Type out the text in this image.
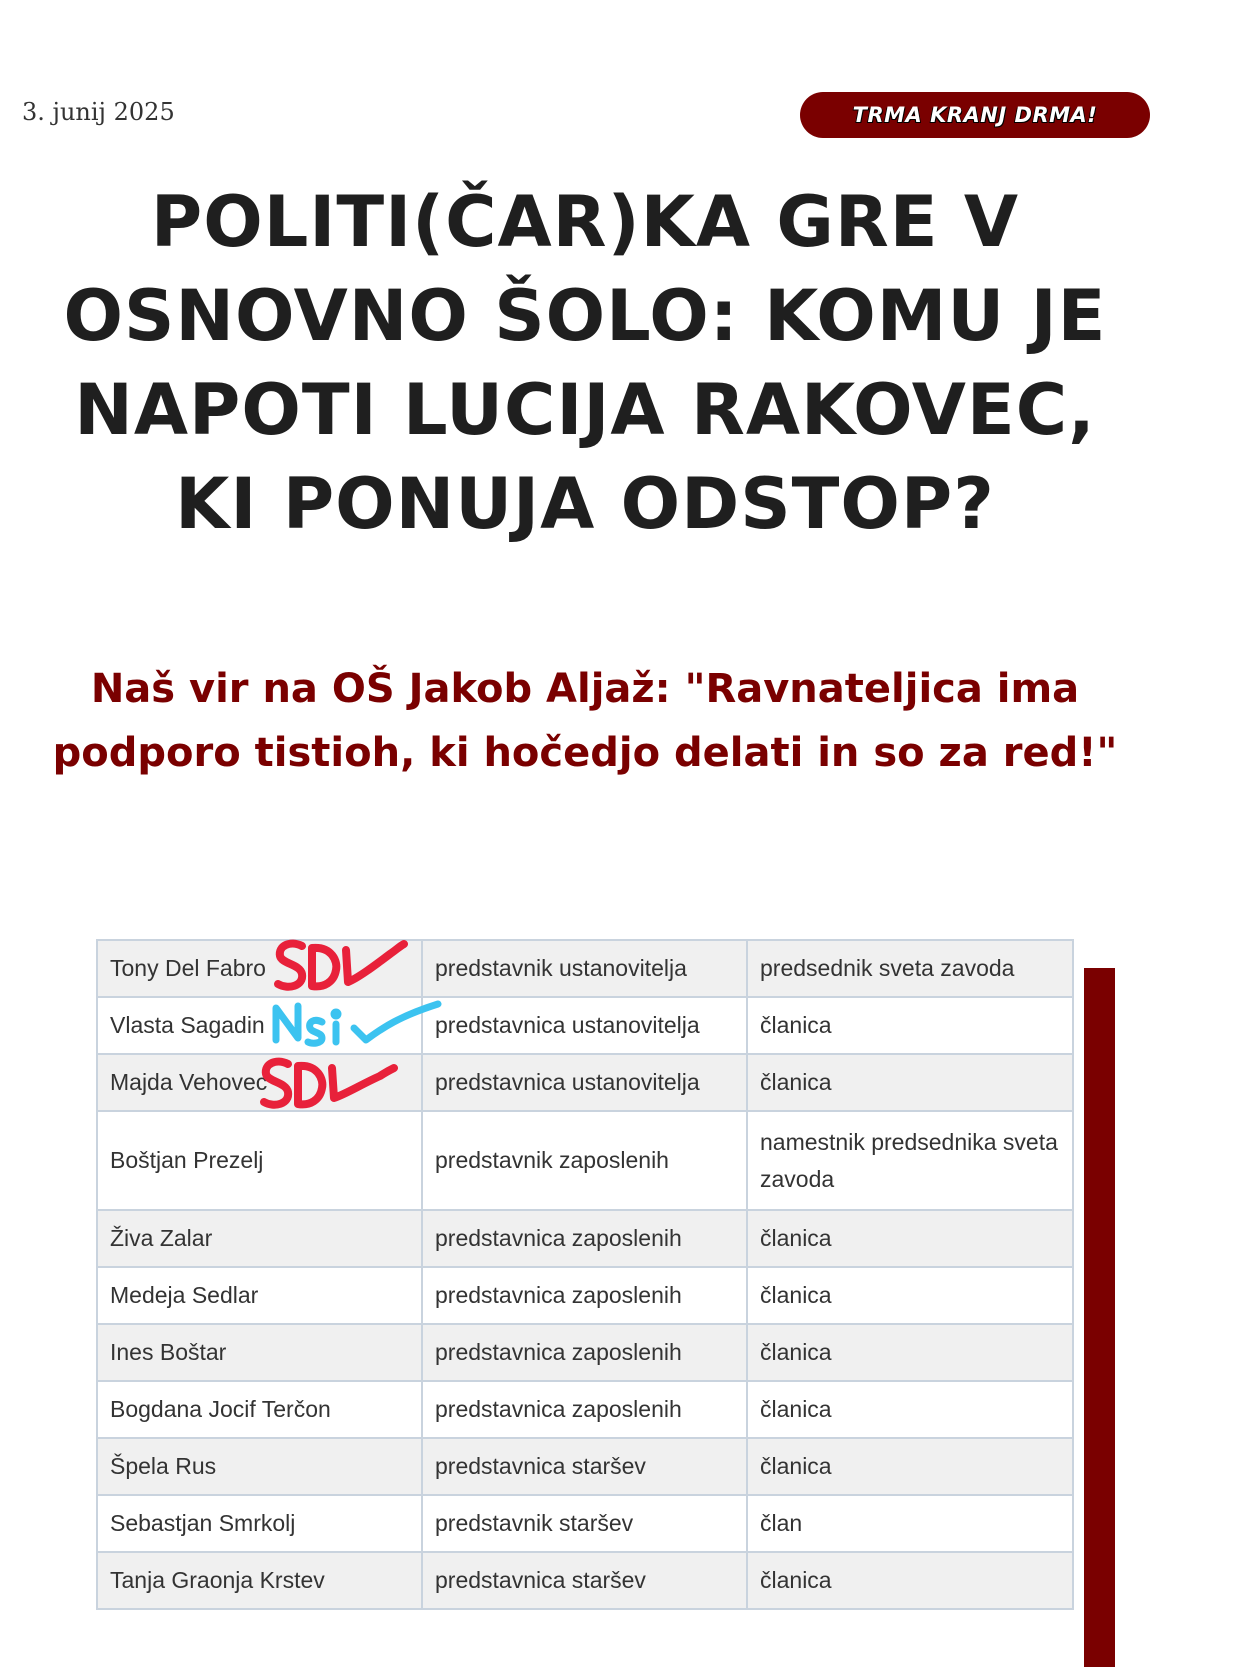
3. junij 2025	TRMA KRANJ DRMA!
POLITI(ČAR)KA GRE V OSNOVNO ŠOLO: KOMU JE NAPOTI LUCIJA RAKOVEC, KI PONUJA ODSTOP?
Naš vir na OŠ Jakob Aljaž: "Ravnateljica ima podporo tistioh, ki hočedjo delati in so za red!"
Tony Del Fabro	predstavnik ustanovitelja	predsednik sveta zavoda
Vlasta Sagadin	predstavnica ustanovitelja	članica
Majda Vehovec	predstavnica ustanovitelja	članica
Boštjan Prezelj	predstavnik zaposlenih	namestnik predsednika sveta zavoda
Živa Zalar	predstavnica zaposlenih	članica
Medeja Sedlar	predstavnica zaposlenih	članica
Ines Boštar	predstavnica zaposlenih	članica
Bogdana Jocif Terčon	predstavnica zaposlenih	članica
Špela Rus	predstavnica staršev	članica
Sebastjan Smrkolj	predstavnik staršev	član
Tanja Graonja Krstev	predstavnica staršev	članica
